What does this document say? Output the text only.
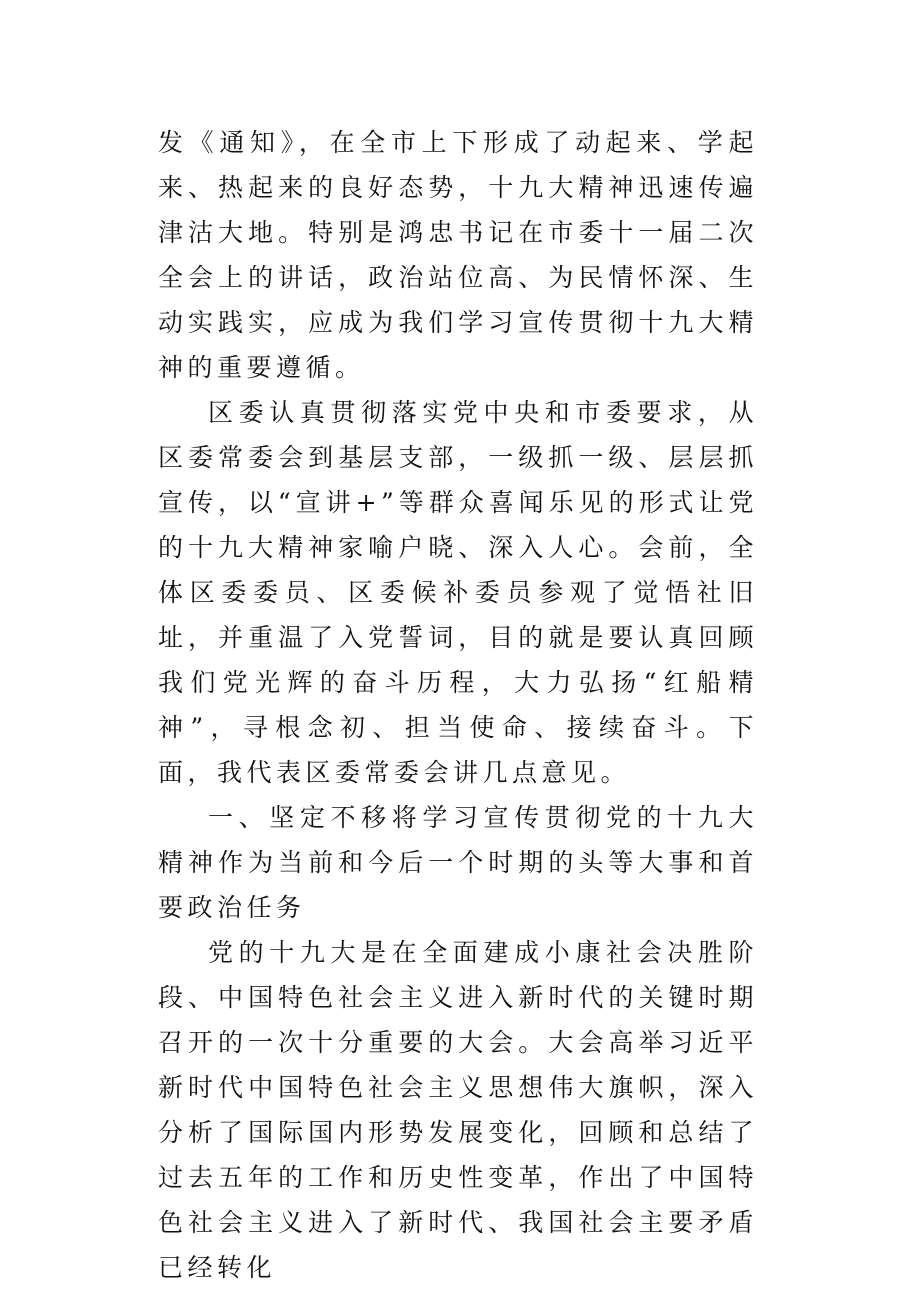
发《通知》，在全市上下形成了动起来、学起来、热起来的良好态势，十九大精神迅速传遍津沽大地。特别是鸿忠书记在市委十一届二次全会上的讲话，政治站位高、为民情怀深、生动实践实，应成为我们学习宣传贯彻十九大精神的重要遵循。

区委认真贯彻落实党中央和市委要求，从区委常委会到基层支部，一级抓一级、层层抓宣传，以“宣讲+”等群众喜闻乐见的形式让党的十九大精神家喻户晓、深入人心。会前，全体区委委员、区委候补委员参观了觉悟社旧址，并重温了入党誓词，目的就是要认真回顾我们党光辉的奋斗历程，大力弘扬“红船精神”，寻根念初、担当使命、接续奋斗。下面，我代表区委常委会讲几点意见。

一、坚定不移将学习宣传贯彻党的十九大精神作为当前和今后一个时期的头等大事和首要政治任务

党的十九大是在全面建成小康社会决胜阶段、中国特色社会主义进入新时代的关键时期召开的一次十分重要的大会。大会高举习近平新时代中国特色社会主义思想伟大旗帜，深入分析了国际国内形势发展变化，回顾和总结了过去五年的工作和历史性变革，作出了中国特色社会主义进入了新时代、我国社会主要矛盾已经转化
